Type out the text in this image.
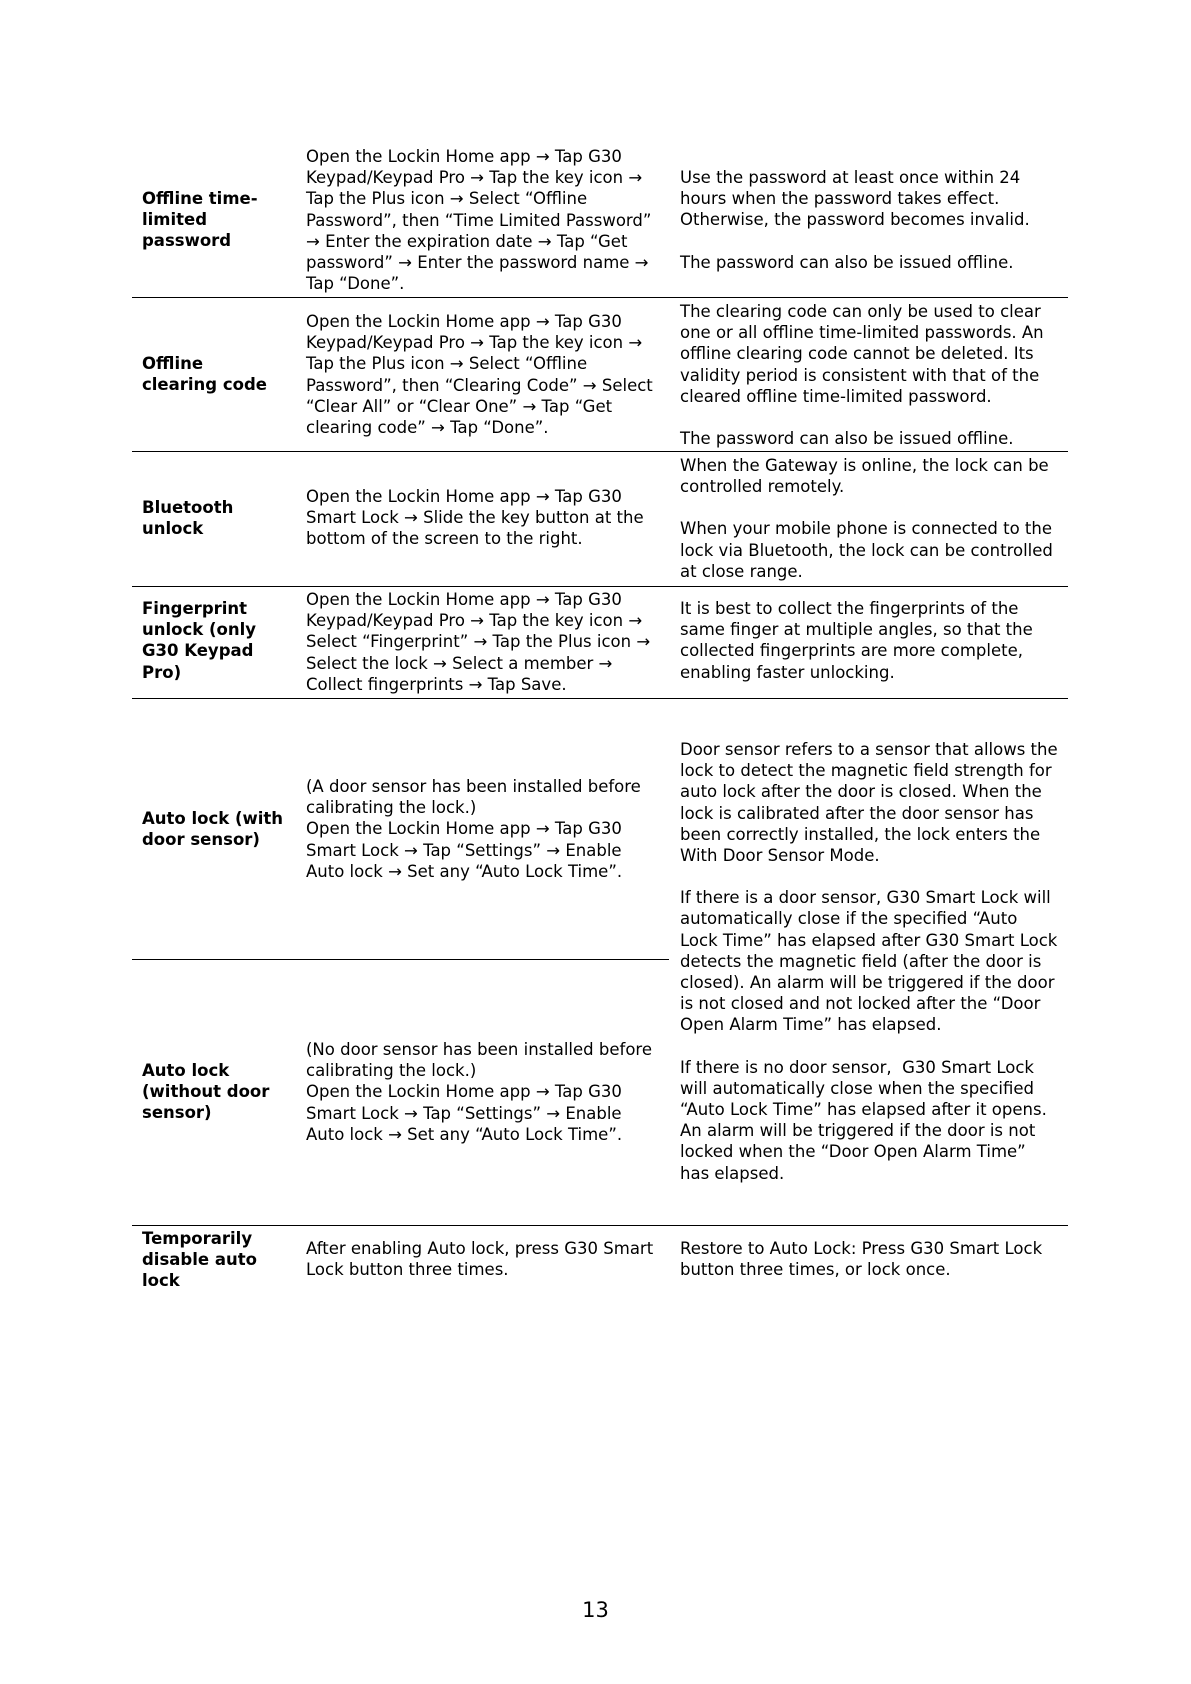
Offline time-limited password

Open the Lockin Home app → Tap G30 Keypad/Keypad Pro → Tap the key icon → Tap the Plus icon → Select “Offline Password”, then “Time Limited Password” → Enter the expiration date → Tap “Get password” → Enter the password name → Tap “Done”.

Use the password at least once within 24 hours when the password takes effect. Otherwise, the password becomes invalid.

The password can also be issued offline.

Offline clearing code

Open the Lockin Home app → Tap G30 Keypad/Keypad Pro → Tap the key icon → Tap the Plus icon → Select “Offline Password”, then “Clearing Code” → Select “Clear All” or “Clear One” → Tap “Get clearing code” → Tap “Done”.

The clearing code can only be used to clear one or all offline time-limited passwords. An offline clearing code cannot be deleted. Its validity period is consistent with that of the cleared offline time-limited password.

The password can also be issued offline.

Bluetooth unlock

Open the Lockin Home app → Tap G30 Smart Lock → Slide the key button at the bottom of the screen to the right.

When the Gateway is online, the lock can be controlled remotely.

When your mobile phone is connected to the lock via Bluetooth, the lock can be controlled at close range.

Fingerprint unlock (only G30 Keypad Pro)

Open the Lockin Home app → Tap G30 Keypad/Keypad Pro → Tap the key icon → Select “Fingerprint” → Tap the Plus icon → Select the lock → Select a member → Collect fingerprints → Tap Save.

It is best to collect the fingerprints of the same finger at multiple angles, so that the collected fingerprints are more complete, enabling faster unlocking.

Auto lock (with door sensor)

(A door sensor has been installed before calibrating the lock.)
Open the Lockin Home app → Tap G30 Smart Lock → Tap “Settings” → Enable Auto lock → Set any “Auto Lock Time”.

Door sensor refers to a sensor that allows the lock to detect the magnetic field strength for auto lock after the door is closed. When the lock is calibrated after the door sensor has been correctly installed, the lock enters the With Door Sensor Mode.

If there is a door sensor, G30 Smart Lock will automatically close if the specified “Auto Lock Time” has elapsed after G30 Smart Lock detects the magnetic field (after the door is closed). An alarm will be triggered if the door is not closed and not locked after the “Door Open Alarm Time” has elapsed.

If there is no door sensor,  G30 Smart Lock will automatically close when the specified “Auto Lock Time” has elapsed after it opens. An alarm will be triggered if the door is not locked when the “Door Open Alarm Time” has elapsed.

Auto lock (without door sensor)

(No door sensor has been installed before calibrating the lock.)
Open the Lockin Home app → Tap G30 Smart Lock → Tap “Settings” → Enable Auto lock → Set any “Auto Lock Time”.

Temporarily disable auto lock

After enabling Auto lock, press G30 Smart Lock button three times.

Restore to Auto Lock: Press G30 Smart Lock button three times, or lock once.

13
